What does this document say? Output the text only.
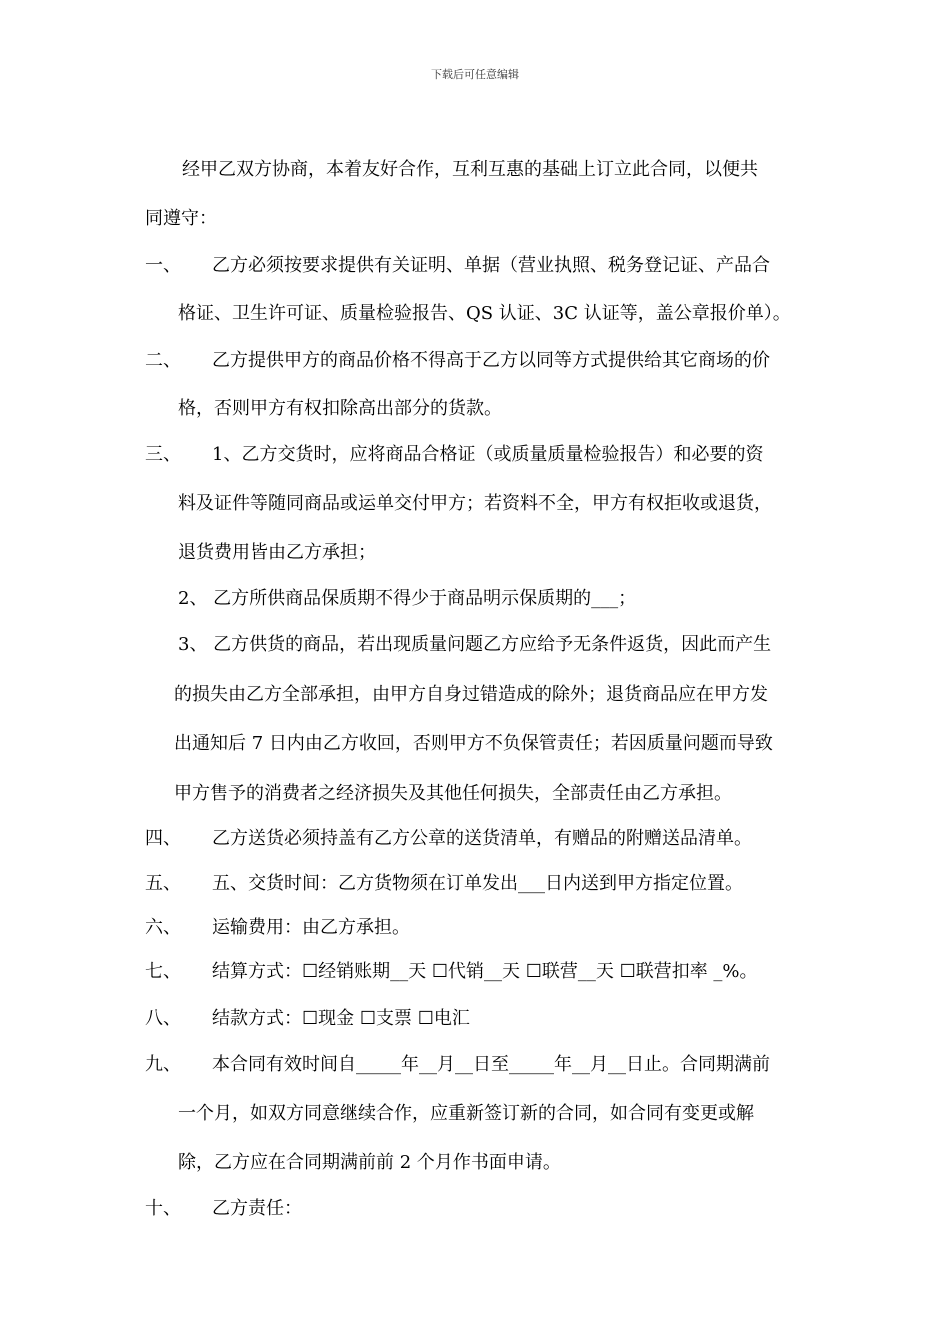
下载后可任意编辑
经甲乙双方协商，本着友好合作，互利互惠的基础上订立此合同，以便共
同遵守：
一、 乙方必须按要求提供有关证明、单据（营业执照、税务登记证、产品合
格证、卫生许可证、质量检验报告、QS 认证、3C 认证等，盖公章报价单）。
二、 乙方提供甲方的商品价格不得高于乙方以同等方式提供给其它商场的价
格，否则甲方有权扣除高出部分的货款。
三、 1、乙方交货时，应将商品合格证（或质量质量检验报告）和必要的资
料及证件等随同商品或运单交付甲方；若资料不全，甲方有权拒收或退货，
退货费用皆由乙方承担；
2、 乙方所供商品保质期不得少于商品明示保质期的___；
3、 乙方供货的商品，若出现质量问题乙方应给予无条件返货，因此而产生
的损失由乙方全部承担，由甲方自身过错造成的除外；退货商品应在甲方发
出通知后 7 日内由乙方收回，否则甲方不负保管责任；若因质量问题而导致
甲方售予的消费者之经济损失及其他任何损失，全部责任由乙方承担。
四、 乙方送货必须持盖有乙方公章的送货清单，有赠品的附赠送品清单。
五、 五、交货时间：乙方货物须在订单发出___日内送到甲方指定位置。
六、 运输费用：由乙方承担。
七、 结算方式：☐经销账期__天 ☐代销__天 ☐联营__天 ☐联营扣率 _%。
八、 结款方式：☐现金 ☐支票 ☐电汇
九、 本合同有效时间自_____年__月__日至_____年__月__日止。合同期满前
一个月，如双方同意继续合作，应重新签订新的合同，如合同有变更或解
除，乙方应在合同期满前前 2 个月作书面申请。
十、 乙方责任：
